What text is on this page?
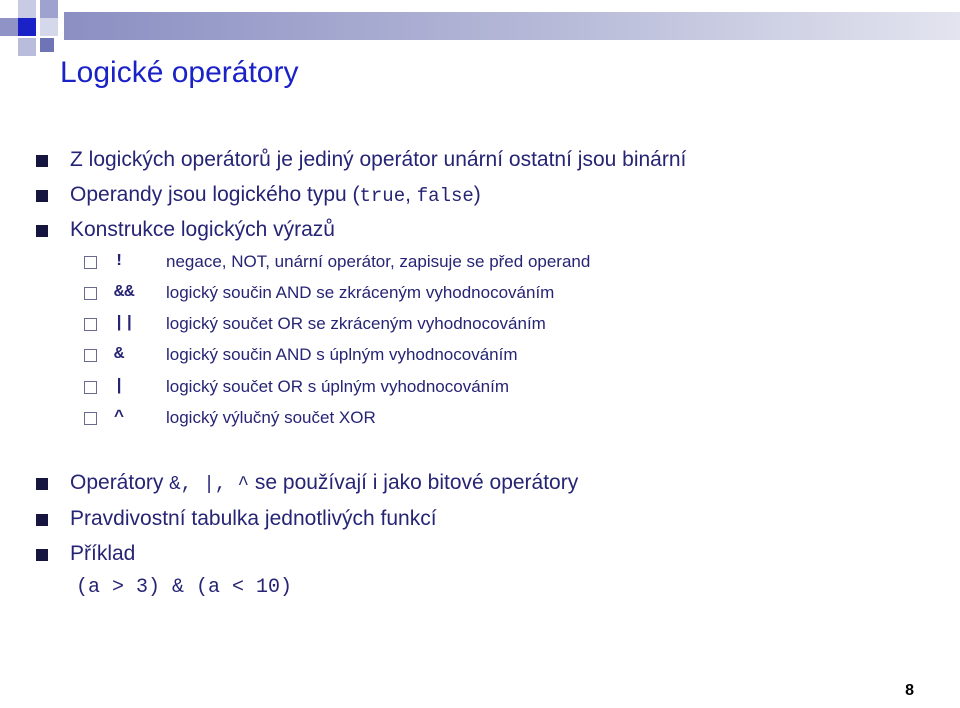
Logické operátory
Z logických operátorů je jediný operátor unární ostatní jsou binární
Operandy jsou logického typu (true, false)
Konstrukce logických výrazů
! negace, NOT, unární operátor, zapisuje se před operand
&& logický součin AND se zkráceným vyhodnocováním
|| logický součet OR se zkráceným vyhodnocováním
& logický součin AND s úplným vyhodnocováním
| logický součet OR s úplným vyhodnocováním
^ logický výlučný součet XOR
Operátory &, |, ^ se používají i jako bitové operátory
Pravdivostní tabulka jednotlivých funkcí
Příklad
(a > 3) & (a < 10)
8
